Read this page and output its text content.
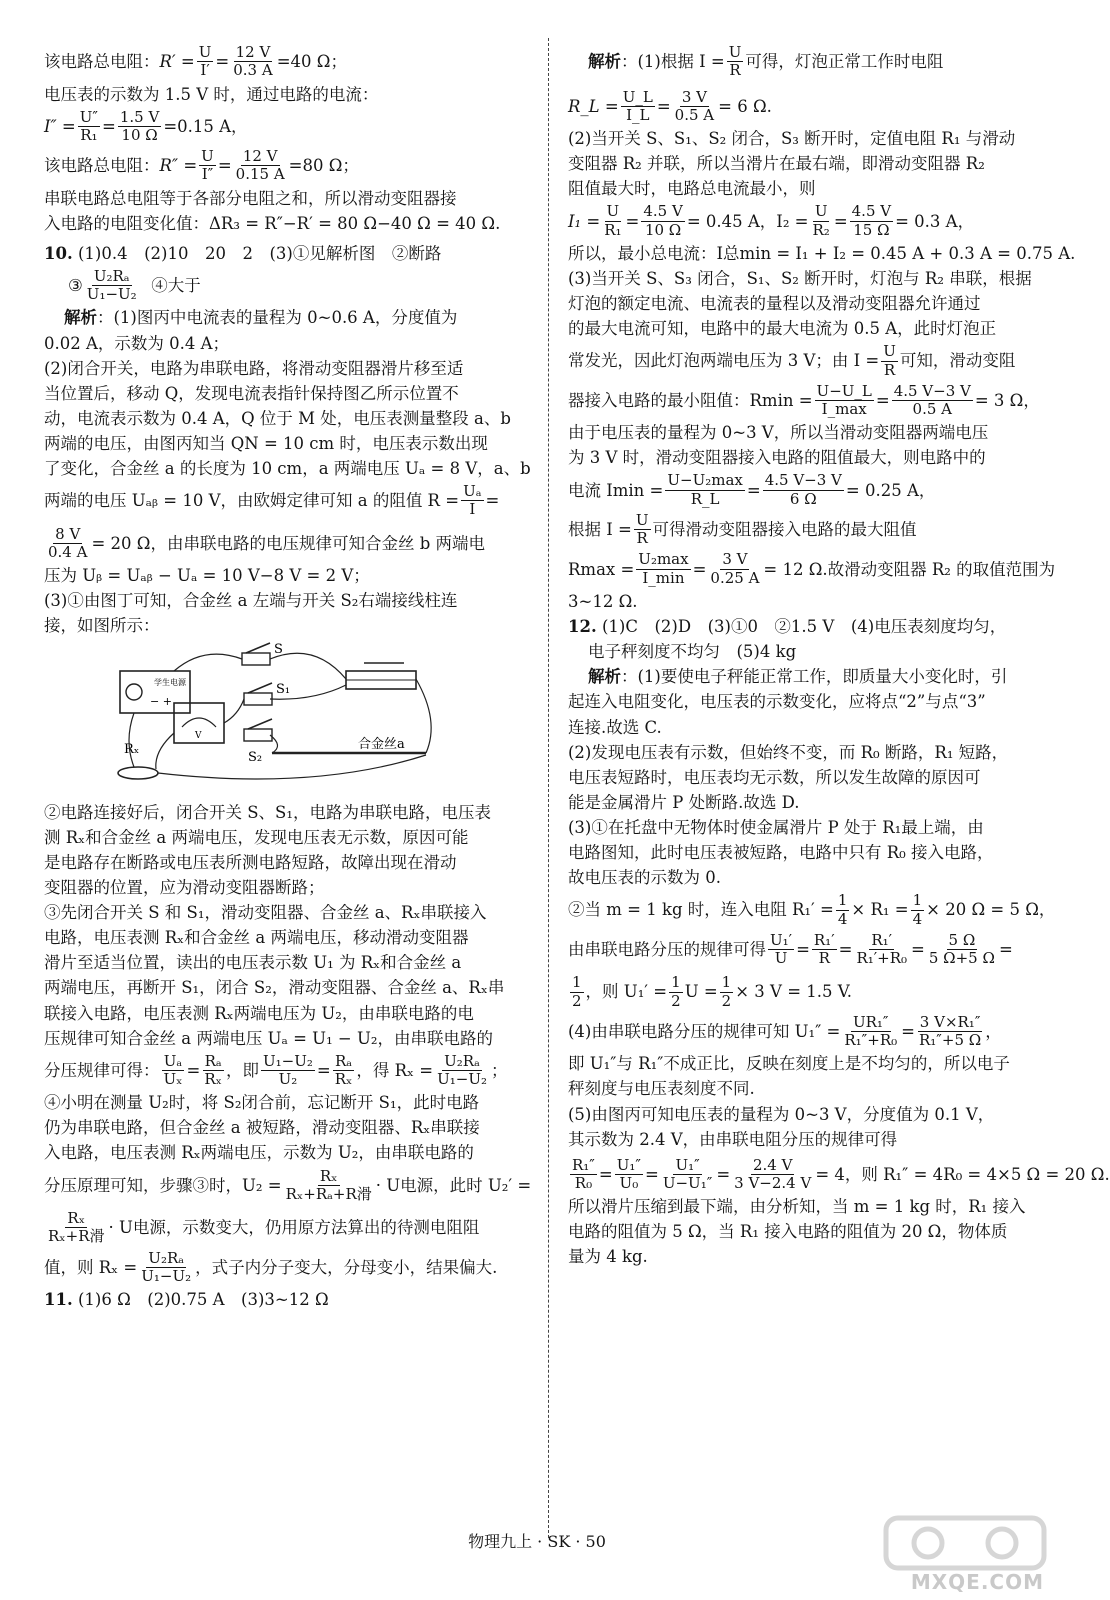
该电路总电阻： R′ =
U
I′ =
12 V
0.3 A = 40 Ω；

电压表的示数为 1.5 V 时，通过电路的电流：

I″ =
U″
R₁ =
1.5 V
10 Ω = 0.15 A，

该电路总电阻： R″ =
U
I″ =
12 V
0.15 A = 80 Ω；

串联电路总电阻等于各部分电阻之和，所以滑动变阻器接

入电路的电阻变化值：ΔR₃ = R″−R′ = 80 Ω−40 Ω = 40 Ω.

10. (1)0.4　(2)10　20　2　(3)①见解析图　②断路

③
U₂Rₐ
U₁−U₂
④大于

解析：(1)图丙中电流表的量程为 0~0.6 A，分度值为

0.02 A，示数为 0.4 A；

(2)闭合开关，电路为串联电路，将滑动变阻器滑片移至适

当位置后，移动 Q，发现电流表指针保持图乙所示位置不

动，电流表示数为 0.4 A，Q 位于 M 处，电压表测量整段 a、b

两端的电压，由图丙知当 QN = 10 cm 时，电压表示数出现

了变化，合金丝 a 的长度为 10 cm，a 两端电压 Uₐ = 8 V，a、b

两端的电压 Uₐᵦ = 10 V，由欧姆定律可知 a 的阻值 $R = \frac{\text{Uₐ}}{I}$ =

$\frac{8 V}{0.4 A} = 20$ Ω，由串联电路的电压规律可知合金丝 b 两端电

压为 Uᵦ = Uₐᵦ − Uₐ = 10 V−8 V = 2 V；

(3)①由图丁可知，合金丝 a 左端与开关 S₂右端接线柱连

接，如图所示：

学生电源
− +
S
S₁
S₂
V
Rₓ	合金丝a

②电路连接好后，闭合开关 S、S₁，电路为串联电路，电压表

测 Rₓ和合金丝 a 两端电压，发现电压表无示数，原因可能

是电路存在断路或电压表所测电路短路，故障出现在滑动

变阻器的位置，应为滑动变阻器断路；

③先闭合开关 S 和 S₁，滑动变阻器、合金丝 a、Rₓ串联接入

电路，电压表测 Rₓ和合金丝 a 两端电压，移动滑动变阻器

滑片至适当位置，读出的电压表示数 U₁ 为 Rₓ和合金丝 a

两端电压，再断开 S₁，闭合 S₂，滑动变阻器、合金丝 a、Rₓ串

联接入电路，电压表测 Rₓ两端电压为 U₂，由串联电路的电

压规律可知合金丝 a 两端电压 Uₐ = U₁ − U₂，由串联电路的

分压规律可得：
Uₐ
Uₓ =
Rₐ
Rₓ ，即
U₁−U₂
U₂ =
Rₐ
Rₓ ，得 $R_x = \frac{\text{U₂Rₐ}}{\text{U₁−U₂}}$ ；

④小明在测量 U₂时，将 S₂闭合前，忘记断开 S₁，此时电路

仍为串联电路，但合金丝 a 被短路，滑动变阻器、Rₓ串联接

入电路，电压表测 Rₓ两端电压，示数为 U₂，由串联电路的

分压原理可知，步骤③时，U₂ =
Rₓ
Rₓ+Rₐ+R滑 · U电源，此时 U₂′ =

Rₓ
Rₓ+R滑 · U电源，示数变大，仍用原方法算出的待测电阻阻

值，则 $R_x = \frac{\text{U₂Rₐ}}{\text{U₁−U₂}}$ ，式子内分子变大，分母变小，结果偏大.

11. (1)6 Ω　(2)0.75 A　(3)3~12 Ω

解析 ：(1)根据 $I = \frac{U}{R}$ 可得，灯泡正常工作时电阻

R_L =
U_L
I_L = $\frac{3 V}{0.5 A} = 6$ Ω.

(2)当开关 S、S₁、S₂ 闭合，S₃ 断开时，定值电阻 R₁ 与滑动

变阻器 R₂ 并联，所以当滑片在最右端，即滑动变阻器 R₂

阻值最大时，电路总电流最小，则

I₁ =
U
$R_1 = \frac{4.5 V}{10 \Omega} = 0.45$ A，$I_2 = \frac{U}{\text{R₂}} = \frac{4.5 V}{15 \Omega} = 0.3$ A，

所以，最小总电流：I总min = I₁ + I₂ = 0.45 A + 0.3 A = 0.75 A.

(3)当开关 S、S₃ 闭合，S₁、S₂ 断开时，灯泡与 R₂ 串联，根据

灯泡的额定电流、电流表的量程以及滑动变阻器允许通过

的最大电流可知，电路中的最大电流为 0.5 A，此时灯泡正

常发光，因此灯泡两端电压为 3 V；由 $I = \frac{U}{R}$ 可知，滑动变阻

器接入电路的最小阻值：Rmin =
U−U_L
I_max = $\frac{4.5 V-3 V}{0.5 A} = 3$ Ω，

由于电压表的量程为 0~3 V，所以当滑动变阻器两端电压

为 3 V 时，滑动变阻器接入电路的阻值最大，则电路中的

电流 Imin =
U−U₂max
R_L = $\frac{4.5 V-3 V}{6 \Omega} = 0.25$ A，

根据 $I = \frac{U}{R}$ 可得滑动变阻器接入电路的最大阻值

Rmax =
U₂max
I_min = $\frac{3 V}{0.25 A} = 12$ Ω.故滑动变阻器 R₂ 的取值范围为

3~12 Ω.

12. (1)C　(2)D　(3)①0　②1.5 V　(4)电压表刻度均匀，

电子秤刻度不均匀　(5)4 kg

解析：(1)要使电子秤能正常工作，即质量大小变化时，引

起连入电阻变化，电压表的示数变化，应将点“2”与点“3”

连接.故选 C.

(2)发现电压表有示数，但始终不变，而 R₀ 断路，R₁ 短路，

电压表短路时，电压表均无示数，所以发生故障的原因可

能是金属滑片 P 处断路.故选 D.

(3)①在托盘中无物体时使金属滑片 P 处于 R₁最上端，由

电路图知，此时电压表被短路，电路中只有 R₀ 接入电路，

故电压表的示数为 0.

②当 m = 1 kg 时，连入电阻 $R_1' = \frac{1}{4} \times R_1 = \frac{1}{4} \times 20$ Ω = 5 Ω，

由串联电路分压的规律可得
U₁′
U =
R₁′
R =
R₁′
$R_1'+R_0 = \frac{5 \Omega}{5 \Omega+5 \Omega}$ =

1
2 ，则 $U_1' = \frac{1}{2}$ $U = \frac{1}{2} \times 3$ V = 1.5 V.

(4)由串联电路分压的规律可知 $U_1'' = \frac{\text{UR₁″}}{\text{R₁″+R₀}} = \frac{\text{3 V×R₁″}}{\text{R₁″+5 Ω}}$ ，

即 U₁″与 R₁″不成正比，反映在刻度上是不均匀的，所以电子

秤刻度与电压表刻度不同.

(5)由图丙可知电压表的量程为 0~3 V，分度值为 0.1 V，

其示数为 2.4 V，由串联电阻分压的规律可得

R₁″
R₀ =
U₁″
U₀ =
U₁″
$U-U_1'' = \frac{2.4 V}{3 V-2.4 V} = 4$，则 R₁″ = 4R₀ = 4×5 Ω = 20 Ω.

所以滑片压缩到最下端，由分析知，当 m = 1 kg 时，R₁ 接入

电路的阻值为 5 Ω，当 R₁ 接入电路的阻值为 20 Ω，物体质

量为 4 kg.

物理九上 · SK · 50
MXQE.COM
